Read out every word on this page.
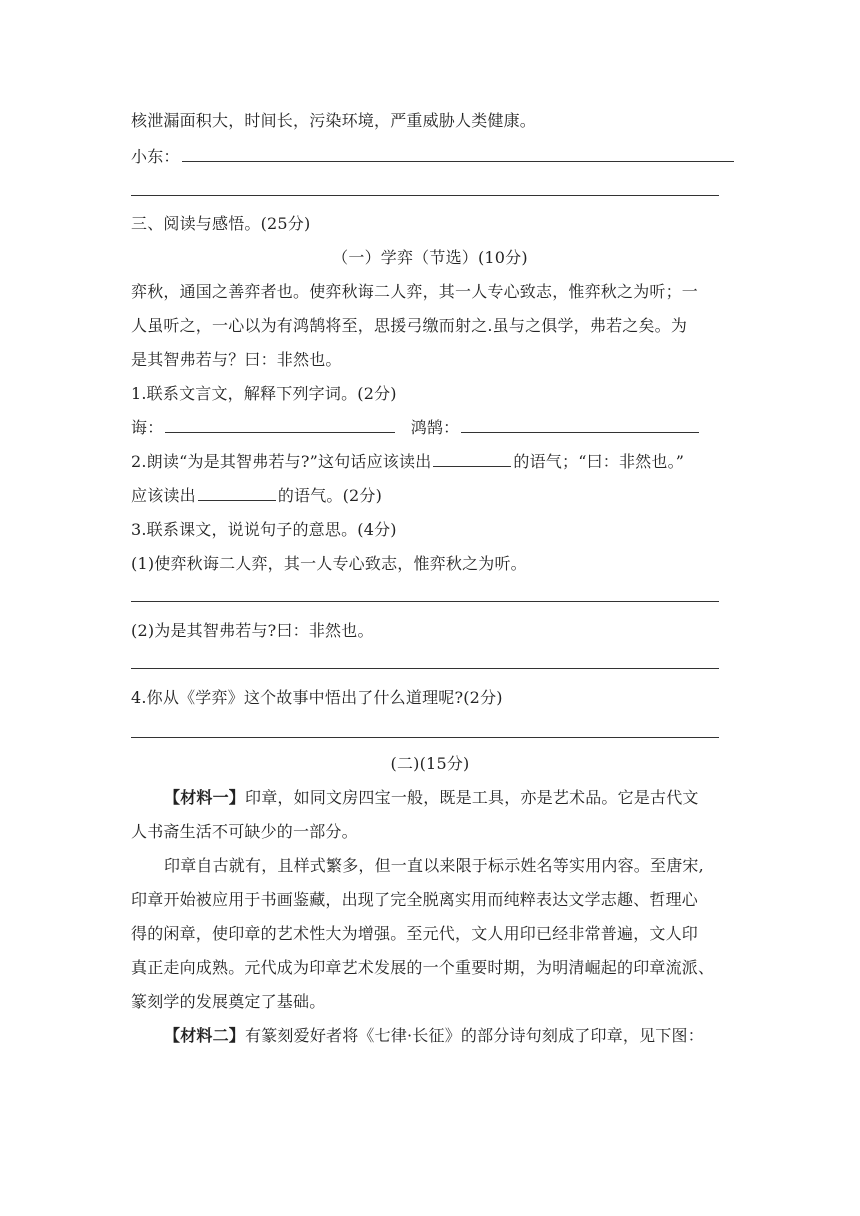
核泄漏面积大，时间长，污染环境，严重威胁人类健康。
小东：
三、阅读与感悟。(25分)
（一）学弈（节选）(10分)
弈秋，通国之善弈者也。使弈秋诲二人弈，其一人专心致志，惟弈秋之为听；一
人虽听之，一心以为有鸿鹄将至，思援弓缴而射之.虽与之俱学，弗若之矣。为
是其智弗若与？曰：非然也。
1.联系文言文，解释下列字词。(2分)
诲：	鸿鹄：
2.朗读“为是其智弗若与?”这句话应该读出	的语气；“曰：非然也。”
应该读出	的语气。(2分)
3.联系课文，说说句子的意思。(4分)
(1)使弈秋诲二人弈，其一人专心致志，惟弈秋之为听。
(2)为是其智弗若与?曰：非然也。
4.你从《学弈》这个故事中悟出了什么道理呢?(2分)
(二)(15分)
【材料一】印章，如同文房四宝一般，既是工具，亦是艺术品。它是古代文
人书斋生活不可缺少的一部分。
印章自古就有，且样式繁多，但一直以来限于标示姓名等实用内容。至唐宋,
印章开始被应用于书画鉴藏，出现了完全脱离实用而纯粹表达文学志趣、哲理心
得的闲章，使印章的艺术性大为增强。至元代，文人用印已经非常普遍，文人印
真正走向成熟。元代成为印章艺术发展的一个重要时期，为明清崛起的印章流派、
篆刻学的发展奠定了基础。
【材料二】有篆刻爱好者将《七律·长征》的部分诗句刻成了印章，见下图：
